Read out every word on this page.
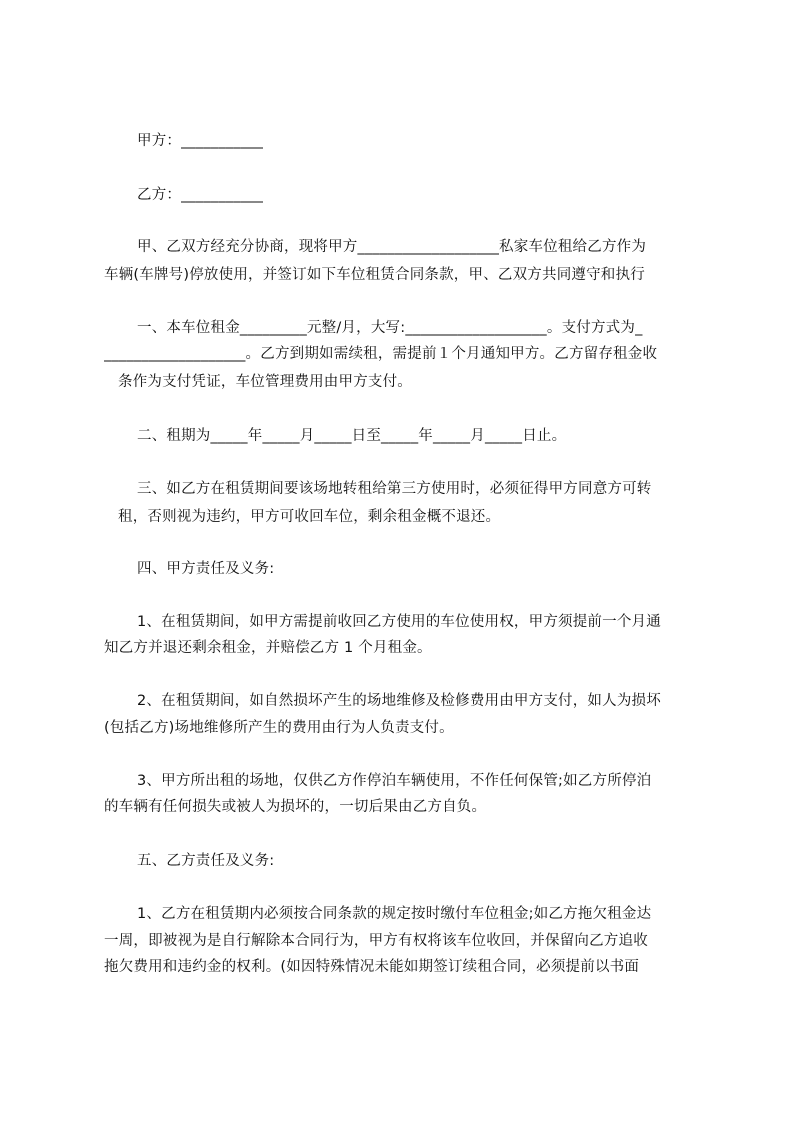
甲方：___________
乙方：___________
甲、乙双方经充分协商，现将甲方___________________私家车位租给乙方作为
车辆(车牌号)停放使用，并签订如下车位租赁合同条款，甲、乙双方共同遵守和执行
一、本车位租金_________元整/月，大写:___________________。支付方式为_
___________________。乙方到期如需续租，需提前１个月通知甲方。乙方留存租金收
条作为支付凭证，车位管理费用由甲方支付。
二、租期为_____年_____月_____日至_____年_____月_____日止。
三、如乙方在租赁期间要该场地转租给第三方使用时，必须征得甲方同意方可转
租，否则视为违约，甲方可收回车位，剩余租金概不退还。
四、甲方责任及义务:
1、在租赁期间，如甲方需提前收回乙方使用的车位使用权，甲方须提前一个月通
知乙方并退还剩余租金，并赔偿乙方 1 个月租金。
2、在租赁期间，如自然损坏产生的场地维修及检修费用由甲方支付，如人为损坏
(包括乙方)场地维修所产生的费用由行为人负责支付。
3、甲方所出租的场地，仅供乙方作停泊车辆使用，不作任何保管;如乙方所停泊
的车辆有任何损失或被人为损坏的，一切后果由乙方自负。
五、乙方责任及义务:
1、乙方在租赁期内必须按合同条款的规定按时缴付车位租金;如乙方拖欠租金达
一周，即被视为是自行解除本合同行为，甲方有权将该车位收回，并保留向乙方追收
拖欠费用和违约金的权利。(如因特殊情况未能如期签订续租合同，必须提前以书面
